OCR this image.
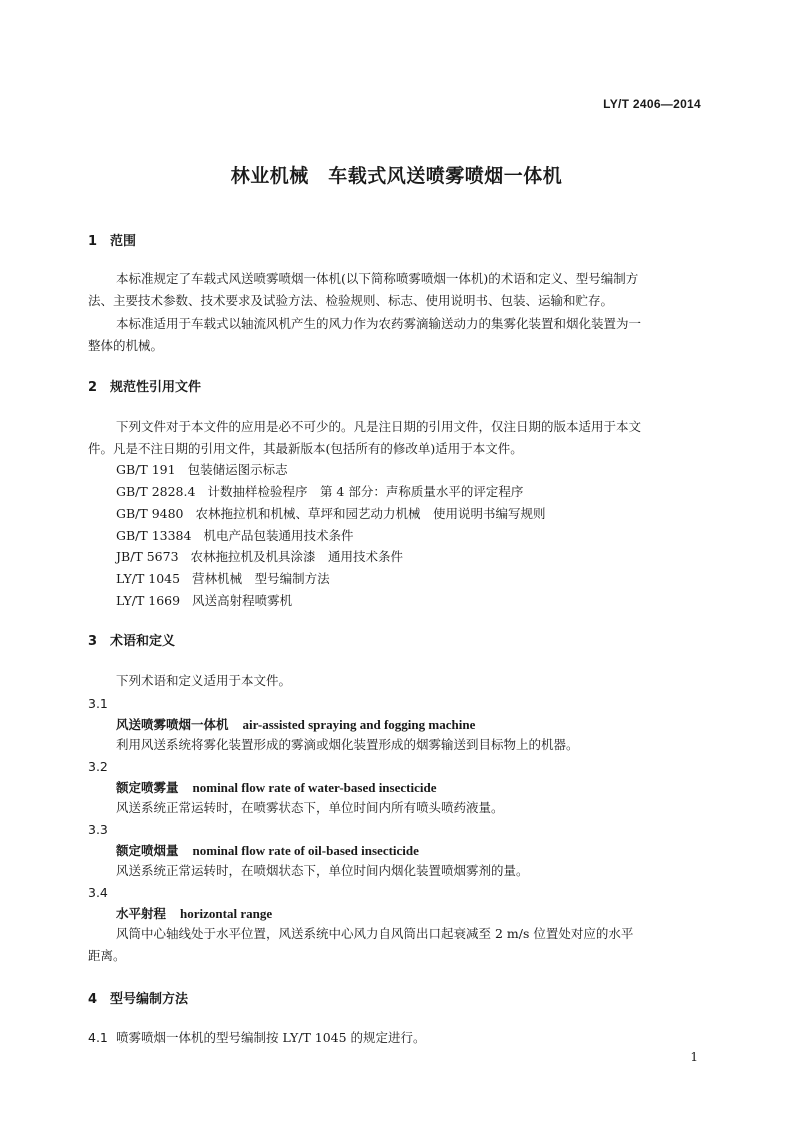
LY/T 2406—2014
林业机械　车载式风送喷雾喷烟一体机
1 范围
本标准规定了车载式风送喷雾喷烟一体机(以下简称喷雾喷烟一体机)的术语和定义、型号编制方
法、主要技术参数、技术要求及试验方法、检验规则、标志、使用说明书、包装、运输和贮存。
本标准适用于车载式以轴流风机产生的风力作为农药雾滴输送动力的集雾化装置和烟化装置为一
整体的机械。
2 规范性引用文件
下列文件对于本文件的应用是必不可少的。凡是注日期的引用文件，仅注日期的版本适用于本文
件。凡是不注日期的引用文件，其最新版本(包括所有的修改单)适用于本文件。
GB/T 191 包装储运图示标志
GB/T 2828.4 计数抽样检验程序　第 4 部分：声称质量水平的评定程序
GB/T 9480 农林拖拉机和机械、草坪和园艺动力机械　使用说明书编写规则
GB/T 13384 机电产品包装通用技术条件
JB/T 5673 农林拖拉机及机具涂漆　通用技术条件
LY/T 1045 营林机械　型号编制方法
LY/T 1669 风送高射程喷雾机
3 术语和定义
下列术语和定义适用于本文件。
3.1
风送喷雾喷烟一体机 air-assisted spraying and fogging machine
利用风送系统将雾化装置形成的雾滴或烟化装置形成的烟雾输送到目标物上的机器。
3.2
额定喷雾量 nominal flow rate of water-based insecticide
风送系统正常运转时，在喷雾状态下，单位时间内所有喷头喷药液量。
3.3
额定喷烟量 nominal flow rate of oil-based insecticide
风送系统正常运转时，在喷烟状态下，单位时间内烟化装置喷烟雾剂的量。
3.4
水平射程 horizontal range
风筒中心轴线处于水平位置，风送系统中心风力自风筒出口起衰减至 2 m/s 位置处对应的水平
距离。
4 型号编制方法
4.1 喷雾喷烟一体机的型号编制按 LY/T 1045 的规定进行。
1
